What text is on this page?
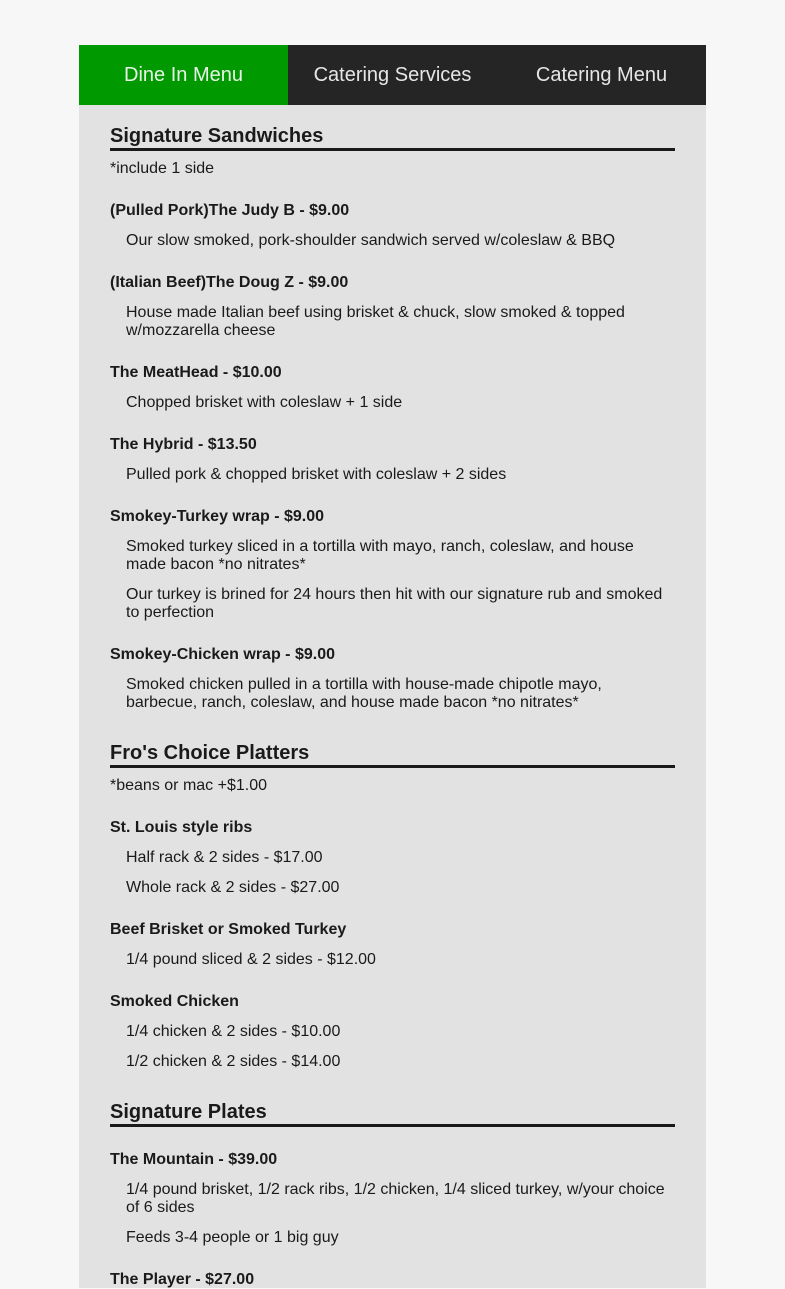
Dine In Menu	Catering Services	Catering Menu
Signature Sandwiches
*include 1 side
(Pulled Pork)The Judy B - $9.00
Our slow smoked, pork-shoulder sandwich served w/coleslaw & BBQ
(Italian Beef)The Doug Z - $9.00
House made Italian beef using brisket & chuck, slow smoked & topped w/mozzarella cheese
The MeatHead - $10.00
Chopped brisket with coleslaw + 1 side
The Hybrid - $13.50
Pulled pork & chopped brisket with coleslaw + 2 sides
Smokey-Turkey wrap - $9.00
Smoked turkey sliced in a tortilla with mayo, ranch, coleslaw, and house made bacon *no nitrates*
Our turkey is brined for 24 hours then hit with our signature rub and smoked to perfection
Smokey-Chicken wrap - $9.00
Smoked chicken pulled in a tortilla with house-made chipotle mayo, barbecue, ranch, coleslaw, and house made bacon *no nitrates*
Fro's Choice Platters
*beans or mac +$1.00
St. Louis style ribs
Half rack & 2 sides - $17.00
Whole rack & 2 sides - $27.00
Beef Brisket or Smoked Turkey
1/4 pound sliced & 2 sides - $12.00
Smoked Chicken
1/4 chicken & 2 sides - $10.00
1/2 chicken & 2 sides - $14.00
Signature Plates
The Mountain - $39.00
1/4 pound brisket, 1/2 rack ribs, 1/2 chicken, 1/4 sliced turkey, w/your choice of 6 sides
Feeds 3-4 people or 1 big guy
The Player - $27.00
